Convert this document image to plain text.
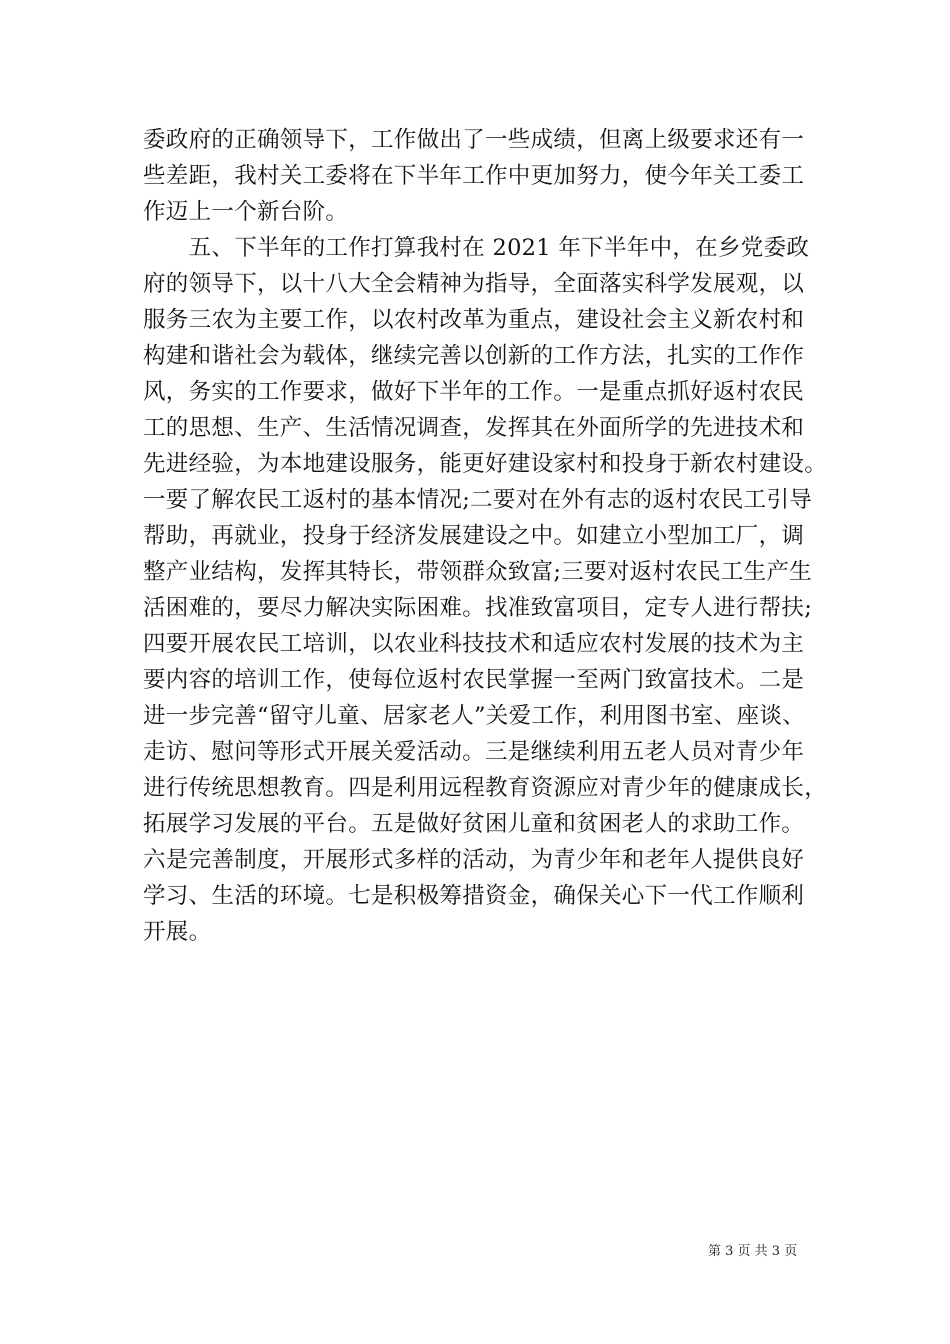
委政府的正确领导下，工作做出了一些成绩，但离上级要求还有一
些差距，我村关工委将在下半年工作中更加努力，使今年关工委工
作迈上一个新台阶。
　　五、下半年的工作打算我村在 2021 年下半年中，在乡党委政
府的领导下，以十八大全会精神为指导，全面落实科学发展观，以
服务三农为主要工作，以农村改革为重点，建设社会主义新农村和
构建和谐社会为载体，继续完善以创新的工作方法，扎实的工作作
风，务实的工作要求，做好下半年的工作。一是重点抓好返村农民
工的思想、生产、生活情况调查，发挥其在外面所学的先进技术和
先进经验，为本地建设服务，能更好建设家村和投身于新农村建设。
一要了解农民工返村的基本情况;二要对在外有志的返村农民工引导
帮助，再就业，投身于经济发展建设之中。如建立小型加工厂，调
整产业结构，发挥其特长，带领群众致富;三要对返村农民工生产生
活困难的，要尽力解决实际困难。找准致富项目，定专人进行帮扶;
四要开展农民工培训，以农业科技技术和适应农村发展的技术为主
要内容的培训工作，使每位返村农民掌握一至两门致富技术。二是
进一步完善“留守儿童、居家老人”关爱工作，利用图书室、座谈、
走访、慰问等形式开展关爱活动。三是继续利用五老人员对青少年
进行传统思想教育。四是利用远程教育资源应对青少年的健康成长，
拓展学习发展的平台。五是做好贫困儿童和贫困老人的求助工作。
六是完善制度，开展形式多样的活动，为青少年和老年人提供良好
学习、生活的环境。七是积极筹措资金，确保关心下一代工作顺利
开展。
第 3 页 共 3 页
